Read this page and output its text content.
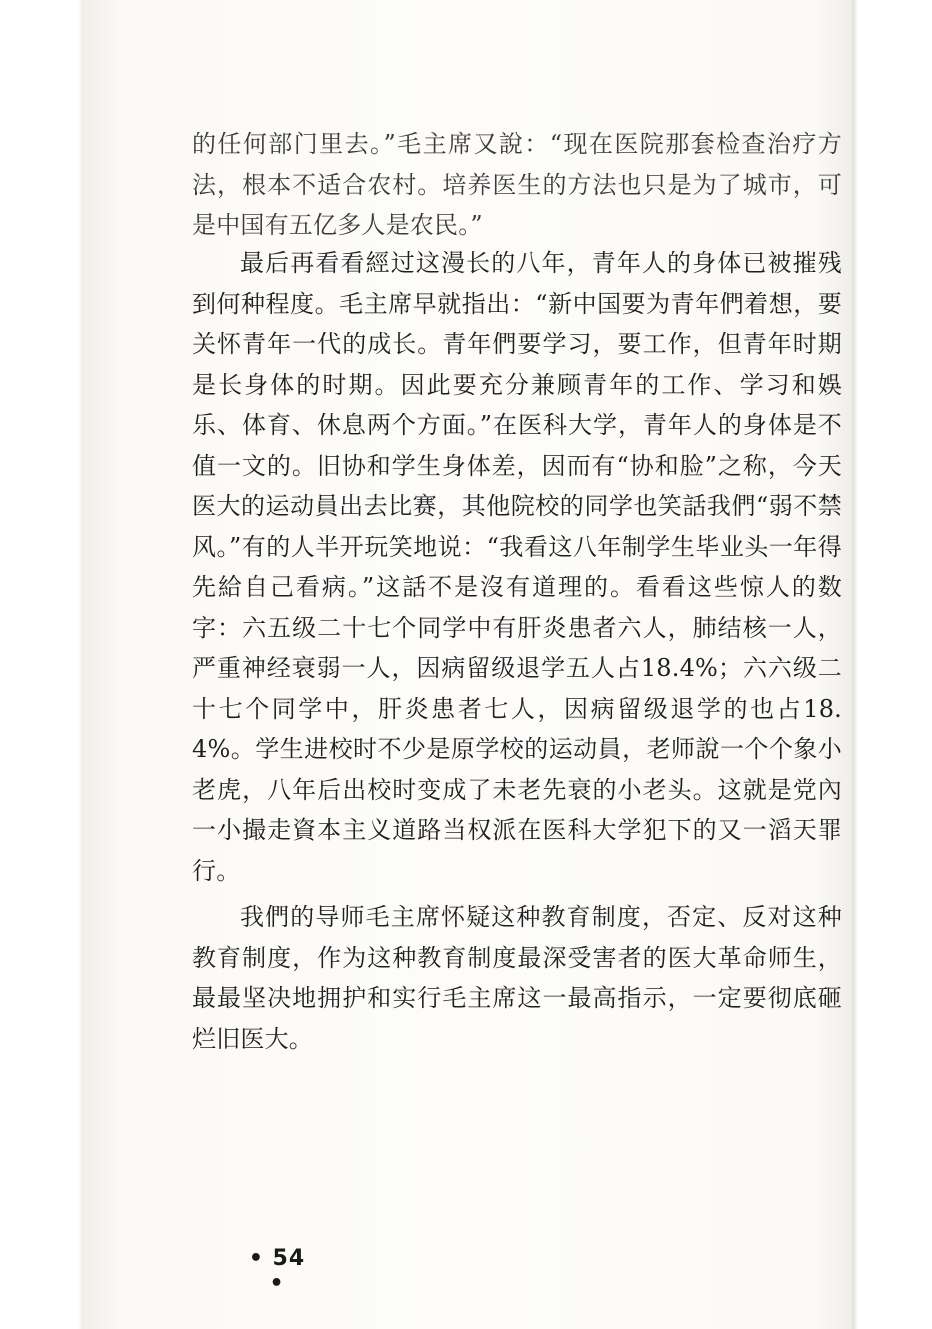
的任何部门里去。”毛主席又說：“现在医院那套检查治疗方法，根本不适合农村。培养医生的方法也只是为了城市，可是中国有五亿多人是农民。”

最后再看看經过这漫长的八年，青年人的身体已被摧残到何种程度。毛主席早就指出：“新中国要为青年們着想，要关怀青年一代的成长。青年們要学习，要工作，但青年时期是长身体的时期。因此要充分兼顾青年的工作、学习和娛乐、体育、休息两个方面。”在医科大学，青年人的身体是不值一文的。旧协和学生身体差，因而有“协和脸”之称，今天医大的运动員出去比赛，其他院校的同学也笑話我們“弱不禁风。”有的人半开玩笑地说：“我看这八年制学生毕业头一年得先給自己看病。”这話不是沒有道理的。看看这些惊人的数字：六五级二十七个同学中有肝炎患者六人，肺结核一人，严重神经衰弱一人，因病留级退学五人占18.4%；六六级二十七个同学中，肝炎患者七人，因病留级退学的也占18.4%。学生进校时不少是原学校的运动員，老师說一个个象小老虎，八年后出校时变成了未老先衰的小老头。这就是党內一小撮走資本主义道路当权派在医科大学犯下的又一滔天罪行。

我們的导师毛主席怀疑这种教育制度，否定、反对这种教育制度，作为这种教育制度最深受害者的医大革命师生，最最坚决地拥护和实行毛主席这一最高指示，一定要彻底砸烂旧医大。

• 54 •
